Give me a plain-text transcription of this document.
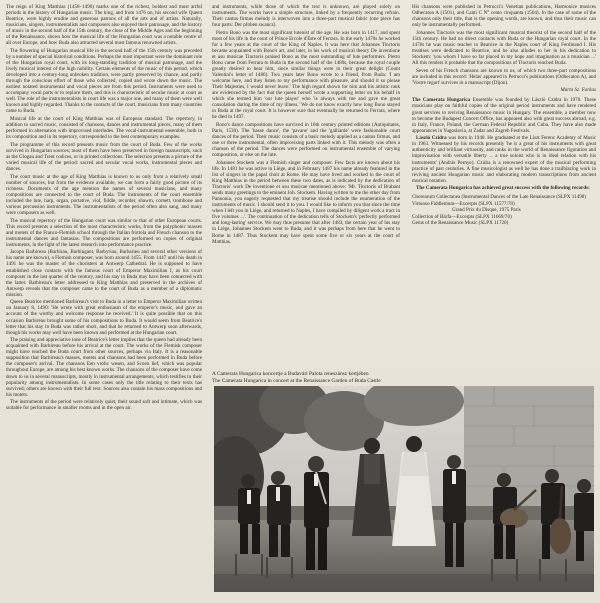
The reign of King Matthias (1458–1490) marks one of the richest, boldest and most artful periods in the history of Hungarian music. The king, and from 1476 on, his second wife Queen Beatrice, were highly erudite and generous patrons of all the arts and of artists. Naturally, musicians, singers, instrumentalists and composers also enjoyed their patronage, and the history of music in the second half of the 15th century, the close of the Middle Ages and the beginning of the Renaissance, shows how the musical life of the Hungarian court was a notable centre of all over Europe, and how Buda also attracted several most famous renowned artists.

The flowering of Hungarian musical life in the second half of the 15th century was preceded by a number of special historical conditions. Perhaps the most important were the dominant role of the Hungarian royal court, with its long-standing tradition of musical patronage, and the lively musical interest of the high nobility. Certain elements of the music of this period, which developed into a century-long unbroken tradition, were partly preserved by chance, and partly through the conscious effort of those who collected, copied and wrote down the music. The earliest notated instrumental and vocal pieces are from this period. Instruments were used to accompany vocal parts or to replace them, and this is characteristic of secular music at court as well. The role of the instrumentalists in court life was a major one, and many of them were well known and highly regarded. Thanks to the contacts of the court, musicians from many countries came to Buda.

Musical life at the court of King Matthias was of European standard. The repertory, in addition to sacred music, consisted of chansons, dances and instrumental pieces, many of them performed in alternation with improvised interludes. The vocal-instrumental ensemble, both in its composition and in its repertory, corresponded to the best contemporary examples.

The programme of this record presents music from the court of Buda. Few of the works survived in Hungarian sources; most of them have been preserved in foreign manuscripts, such as the Glogau and Trent codices, or in printed collections. The selection presents a picture of the varied musical life of the period: sacred and secular vocal works, instrumental pieces and dances.

The court music at the age of King Matthias is known to us only from a relatively small number of sources, but from the evidence available, we can form a fairly good picture of its richness. Documents of the age mention the names of several musicians, and many compositions are connected to the court of Buda. The instruments of the court ensemble included the lute, harp, organ, portative, viol, fiddle, recorder, shawm, cornett, trombone and various percussion instruments. The instrumentalists of the period often also sang, and many were composers as well.

The musical repertory of the Hungarian court was similar to that of other European courts. This record presents a selection of the most characteristic works, from the polyphonic masses and motets of the Franco-Flemish school through the Italian frottola and French chanson to the instrumental dances and fantasias. The compositions are performed on copies of original instruments, in the light of the latest research into performance practice.

Jacopo Barbireau (Barbirau, Barbingant, Barbyriau, Barbarieu and several other versions of his name are known), a Flemish composer, was born around 1455. From 1447 until his death in 1491 he was the master of the choristers at Antwerp Cathedral. He is supposed to have established close contacts with the famous court of Emperor Maximilian I, as his court composer in the last quarter of the century, and his stay in Buda may have been connected with the latter. Barbireau's letter addressed to King Matthias and preserved in the archives of Antwerp reveals that the composer came to the court of Buda as a member of a diplomatic mission.

Queen Beatrice mentioned Barbireau's visit to Buda in a letter to Emperor Maximilian written on January 8, 1490: 'He wrote with great enthusiasm of the emperor's music, and gave an account of the worthy and welcome response he received.' It is quite possible that on this occasion Barbireau brought some of his compositions to Buda. It would seem from Beatrice's letter that his stay in Buda was rather short, and that he returned to Antwerp soon afterwards, though his works may well have been known and performed at the Hungarian court.

The praising and appreciative tone of Beatrice's letter implies that the queen had already been acquainted with Barbireau before his arrival at the court. The works of the Flemish composer might have reached the Buda court from other sources, perhaps via Italy. It is a reasonable supposition that Barbireau's masses, motets and chansons had been performed in Buda before the composer's arrival. The chansons Een vrolic wesen, and Scoen lief, which was popular throughout Europe, are among his best known works. The chansons of the composer have come down to us in several manuscripts, mostly in instrumental arrangements, which testifies to their popularity among instrumentalists. In some cases only the title relating to their texts has survived; others are known with their full text. Sources also contain his mass compositions and his motets.

The instruments of the period were relatively quiet, their sound soft and intimate, which was suitable for performance in smaller rooms and in the open air.

and instruments, while those of which the text is unknown, are played solely on instruments. The works have a simple structure, linked by a frequently recurring refrain. Their cantus firmus melody is interwoven into a three-part musical fabric (one piece has four parts: Der pfoben swancz).

Pietro Bono was the most significant lutenist of the age. He was born in 1417, and spent most of his life in the court of Prince Ercole d'Este of Ferrara. In the early 1470s he worked for a few years at the court of the King of Naples. It was here that Johannes Tinctoris became acquainted with Bono's art, and later, in his work of musical theory De inventione et usu musicae Tinctoris praised Bono as the most outstanding of lute performers. Pietro Bono came from Ferrara to Buda in the second half of the 1480s, because the royal couple greatly desired to hear him, since similar things were to their great delight (Count Valentini's letter of 1486). Two years later Bono wrote to a friend, from Buda: 'I am welcome here, and they listen to my performance with pleasure, and should it so please Their Majesties, I would never leave.' The high regard shown for him and his artistic rank are evidenced by the fact that the queen herself wrote a supporting letter on his behalf in which she termed him 'our lute player' who 'is always with me and gave me great consolation during the time of my illness.' We do not know exactly how long Bono stayed in Buda at the royal court. It is however sure that eventually he returned to Ferrara, where he died in 1497.

Bono's dance compositions have survived in 16th century printed editions (Antiquitates, Paris, 1530). The 'basse dance', the 'pavane' and the 'galliarde' were fashionable court dances of the period. Their music consists of a basic melody applied as a cantus firmus, and one or three instrumental, often improvising parts linked with it. This melody was often a chanson of the period. The dances were performed on instrumental ensemble of varying composition, or else on the lute.

Johannes Stockem was a Flemish singer and composer. Few facts are known about his life. In 1481 he was active in Liège, and in February 1487 his name already featured in the list of singers in the papal choir at Rome. He may have lived and worked in the court of King Matthias in the period between these two dates, as is indicated by the dedication of Tinctoris' work De inventione et usu musicae mentioned above: 'Mr. Tinctoris of Brabant sends many greetings to the eminent Joh. Stockem. Having written to me the other day from Pannonia, you eagerly requested that my treatise should include the enumeration of the instruments of music. I should send it to you. I would like to inform you that since the time when I left you in Liège, and returned to Naples, I have compiled by diligent work a tract in five volumes ...'. The continuation of the dedication tells of Stockem's 'perfectly performed and long-lasting' service. We may thus presume that after 1483, the certain year of his stay in Liège, Johannes Stockem went to Buda, and it was perhaps from here that he went to Rome in 1487. Thus Stockem may have spent some five or six years at the court of Matthias.

His chansons were published in Petrucci's Venetian publications, Harmonice musices Odhecaton A (1501), and Canti C N° cento cinquanta (1504). In the case of some of the chansons only their title, that is the opening words, are known, and thus their music can only be instrumentally performed.

Johannes Tinctoris was the most significant musical theorist of the second half of the 15th century. He had no direct contacts with Buda or the Hungarian royal court. In the 1470s he was music teacher to Beatrice in the Naples court of King Ferdinand I. His treatises were dedicated to Beatrice, and he also alludes to her in his dedication to Stockem: 'you whom I have so far placed in my hope and imagination as a musician ...' All this renders it probable that the compositions of Tinctoris reached Buda.

Seven of his French chansons are known to us, of which two three-part compositions are included in this record: 'Helas' appeared in Petrucci's publications (Odhecaton A), and 'Vostre regart' survives in a manuscript (Dijon).

Marta Sz. Farkas

The Camerata Hungarica Ensemble was founded by László Czidra in 1970. These musicians play on faithful copies of the original period instruments and have rendered great services in reviving Renaissance music in Hungary. The ensemble, a member now to become the Budapest Concert Office, has appeared also with great success abroad, e.g. in Italy, France, Poland, the German Federal Republic and Cuba. They have also made appearances in Yugoslavia, at Zadar and Zagreb Festivals.

László Czidra was born in 1940. He graduated at the Liszt Ferenc Academy of Music in 1963. Witnessed by his records presently 'he is a great of his instruments with great authenticity and brilliant virtuosity, and ranks in the world of Renaissance figuration and improvisation with versatile liberty ... a true soloist who is in ideal relation with his instruments' (András Pernye). Czidra is a renowned expert of the musical performing practice of past centuries. A fine musicologist as well he has done a trailblazing work in reviving ancient Hungarian music and elaborating modern transcriptions from ancient musical notation.

The Camerata Hungarica has achieved great success with the following records:

Chorearum Collectanea (Instrumental Dances of the Late Renaissance (SLPX 11498)

Virtuoso Fiddlemum—Excerpts (SLPX 11577/78)

Grand Prix du Disque, 1975 Paris

Collection of Bärfa—Excerpts (SLPX 11669/70)

Gems of the Renaissance Music (SLPX 11720)

A Camerata Hungarica koncertje a Budavári Palota reneszánsz kertjében
The Camerata Hungarica in concert at the Renaissance Garden of Buda Castle
